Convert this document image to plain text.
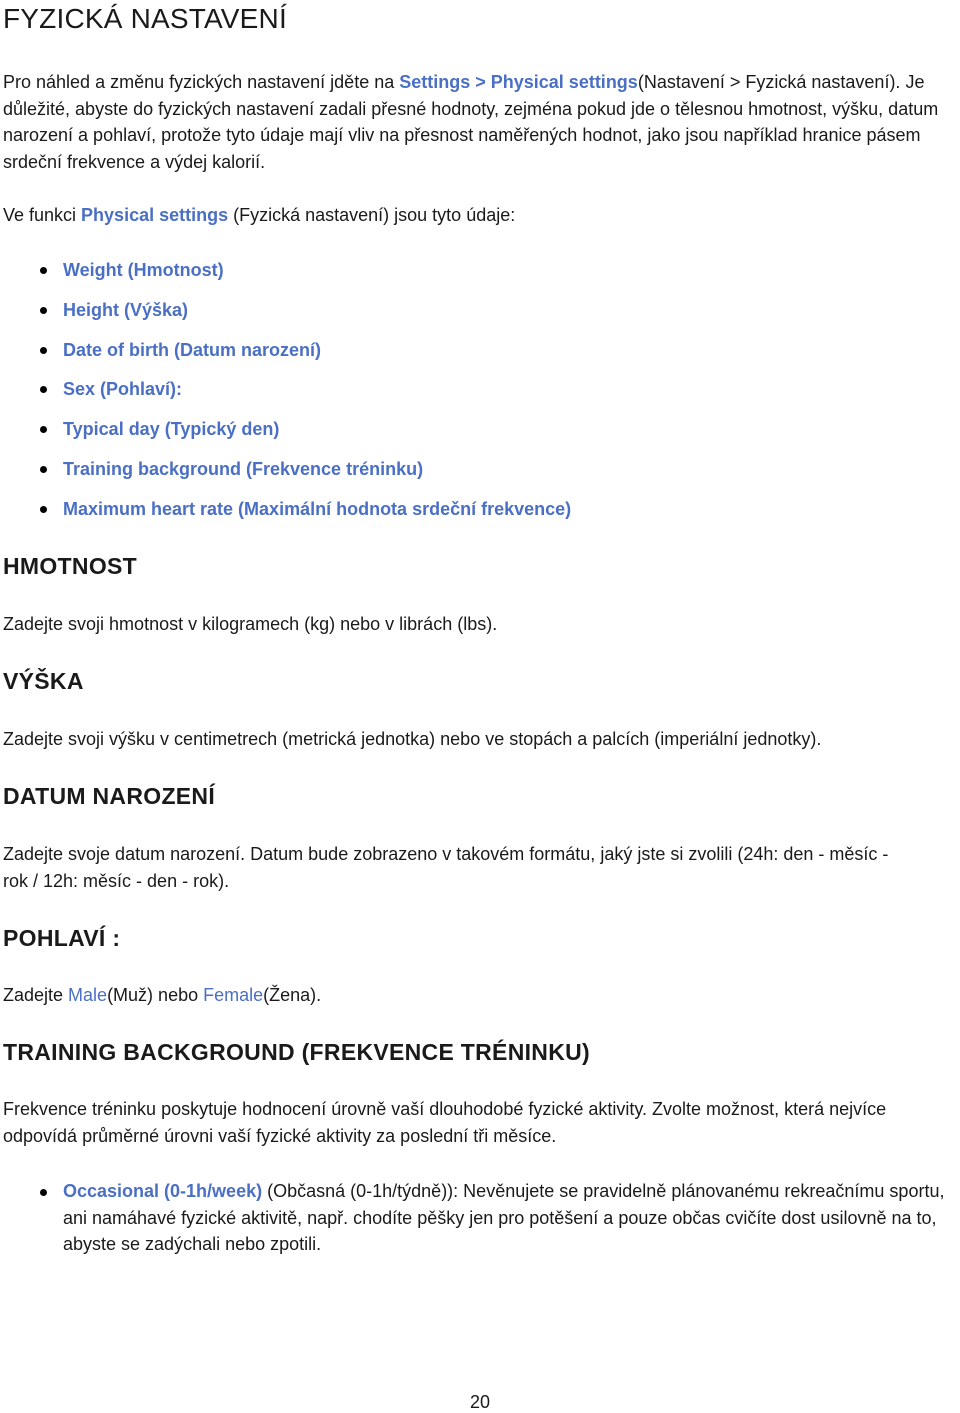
FYZICKÁ NASTAVENÍ
Pro náhled a změnu fyzických nastavení jděte na Settings > Physical settings(Nastavení > Fyzická nastavení). Je důležité, abyste do fyzických nastavení zadali přesné hodnoty, zejména pokud jde o tělesnou hmotnost, výšku, datum narození a pohlaví, protože tyto údaje mají vliv na přesnost naměřených hodnot, jako jsou například hranice pásem srdeční frekvence a výdej kalorií.
Ve funkci Physical settings (Fyzická nastavení) jsou tyto údaje:
Weight (Hmotnost)
Height (Výška)
Date of birth (Datum narození)
Sex (Pohlaví):
Typical day (Typický den)
Training background (Frekvence tréninku)
Maximum heart rate (Maximální hodnota srdeční frekvence)
HMOTNOST
Zadejte svoji hmotnost v kilogramech (kg) nebo v librách (lbs).
VÝŠKA
Zadejte svoji výšku v centimetrech (metrická jednotka) nebo ve stopách a palcích (imperiální jednotky).
DATUM NAROZENÍ
Zadejte svoje datum narození. Datum bude zobrazeno v takovém formátu, jaký jste si zvolili (24h: den - měsíc - rok / 12h: měsíc - den - rok).
POHLAVÍ :
Zadejte Male(Muž) nebo Female(Žena).
TRAINING BACKGROUND (FREKVENCE TRÉNINKU)
Frekvence tréninku poskytuje hodnocení úrovně vaší dlouhodobé fyzické aktivity. Zvolte možnost, která nejvíce odpovídá průměrné úrovni vaší fyzické aktivity za poslední tři měsíce.
Occasional (0-1h/week) (Občasná (0-1h/týdně)): Nevěnujete se pravidelně plánovanému rekreačnímu sportu, ani namáhavé fyzické aktivitě, např. chodíte pěšky jen pro potěšení a pouze občas cvičíte dost usilovně na to, abyste se zadýchali nebo zpotili.
20
